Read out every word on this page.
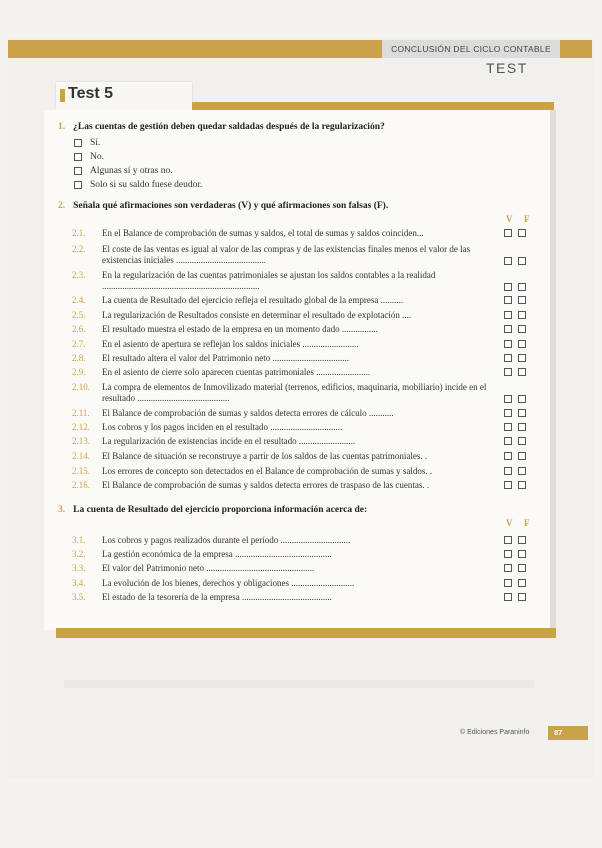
CONCLUSIÓN DEL CICLO CONTABLE
TEST
Test 5
1. ¿Las cuentas de gestión deben quedar saldadas después de la regularización?
Sí.
No.
Algunas sí y otras no.
Solo si su saldo fuese deudor.
2. Señala qué afirmaciones son verdaderas (V) y qué afirmaciones son falsas (F).
V F
2.1.	En el Balance de comprobación de sumas y saldos, el total de sumas y saldos coinciden...
2.2.	El coste de las ventas es igual al valor de las compras y de las existencias finales menos el valor de las existencias iniciales ........................................
2.3.	En la regularización de las cuentas patrimoniales se ajustan los saldos contables a la realidad ......................................................................
2.4.	La cuenta de Resultado del ejercicio refleja el resultado global de la empresa ..........
2.5.	La regularización de Resultados consiste en determinar el resultado de explotación ....
2.6.	El resultado muestra el estado de la empresa en un momento dado ................
2.7.	En el asiento de apertura se reflejan los saldos iniciales .........................
2.8.	El resultado altera el valor del Patrimonio neto ..................................
2.9.	En el asiento de cierre solo aparecen cuentas patrimoniales ........................
2.10.	La compra de elementos de Inmovilizado material (terrenos, edificios, maquinaria, mobiliario) incide en el resultado .........................................
2.11.	El Balance de comprobación de sumas y saldos detecta errores de cálculo ...........
2.12.	Los cobros y los pagos inciden en el resultado ................................
2.13.	La regularización de existencias incide en el resultado .........................
2.14.	El Balance de situación se reconstruye a partir de los saldos de las cuentas patrimoniales. .
2.15.	Los errores de concepto son detectados en el Balance de comprobación de sumas y saldos. .
2.16.	El Balance de comprobación de sumas y saldos detecta errores de traspaso de las cuentas. .
3. La cuenta de Resultado del ejercicio proporciona información acerca de:
V F
3.1.	Los cobros y pagos realizados durante el período ...............................
3.2.	La gestión económica de la empresa ...........................................
3.3.	El valor del Patrimonio neto ................................................
3.4.	La evolución de los bienes, derechos y obligaciones ............................
3.5.	El estado de la tesorería de la empresa ........................................
© Ediciones Paraninfo	87
